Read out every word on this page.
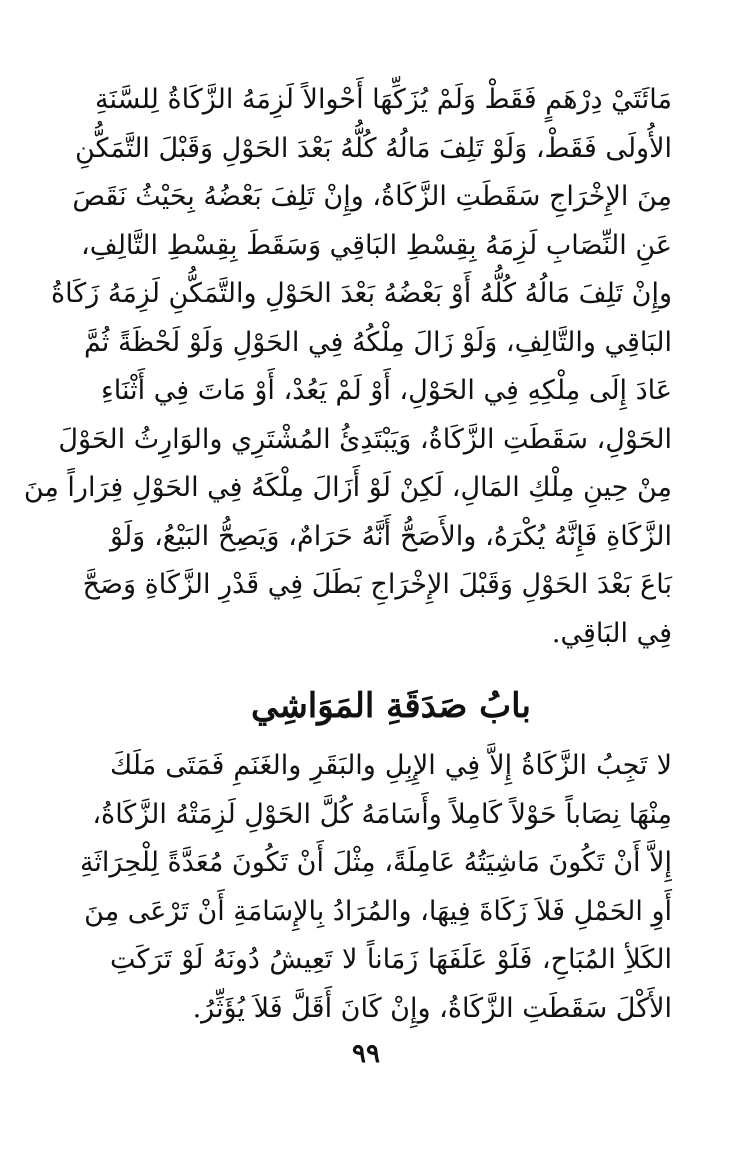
مَائَتَيْ دِرْهَمٍ فَقَطْ وَلَمْ يُزَكِّهَا أَحْوالاً لَزِمَهُ الزَّكَاةُ لِلسَّنَةِ
الأُولَى فَقَطْ، وَلَوْ تَلِفَ مَالُهُ كُلُّهُ بَعْدَ الحَوْلِ وَقَبْلَ التَّمَكُّنِ
مِنَ الإِخْرَاجِ سَقَطَتِ الزَّكَاةُ، وإِنْ تَلِفَ بَعْضُهُ بِحَيْثُ نَقَصَ
عَنِ النِّصَابِ لَزِمَهُ بِقِسْطِ البَاقِي وَسَقَطَ بِقِسْطِ التَّالِفِ،
وإِنْ تَلِفَ مَالُهُ كُلُّهُ أَوْ بَعْضُهُ بَعْدَ الحَوْلِ والتَّمَكُّنِ لَزِمَهُ زَكَاةُ
البَاقِي والتَّالِفِ، وَلَوْ زَالَ مِلْكُهُ فِي الحَوْلِ وَلَوْ لَحْظَةً ثُمَّ
عَادَ إِلَى مِلْكِهِ فِي الحَوْلِ، أَوْ لَمْ يَعُدْ، أَوْ مَاتَ فِي أَثْنَاءِ
الحَوْلِ، سَقَطَتِ الزَّكَاةُ، وَيَبْتَدِئُ المُشْتَرِي والوَارِثُ الحَوْلَ
مِنْ حِينِ مِلْكِ المَالِ، لَكِنْ لَوْ أَزَالَ مِلْكَهُ فِي الحَوْلِ فِرَاراً مِنَ
الزَّكَاةِ فَإِنَّهُ يُكْرَهُ، والأَصَحُّ أَنَّهُ حَرَامٌ، وَيَصِحُّ البَيْعُ، وَلَوْ
بَاعَ بَعْدَ الحَوْلِ وَقَبْلَ الإِخْرَاجِ بَطَلَ فِي قَدْرِ الزَّكَاةِ وَصَحَّ
فِي البَاقِي.
بابُ صَدَقَةِ المَوَاشِي
لا تَجِبُ الزَّكَاةُ إِلاَّ فِي الإِبِلِ والبَقَرِ والغَنَمِ فَمَتَى مَلَكَ
مِنْهَا نِصَاباً حَوْلاً كَامِلاً وأَسَامَهُ كُلَّ الحَوْلِ لَزِمَتْهُ الزَّكَاةُ،
إِلاَّ أَنْ تَكُونَ مَاشِيَتُهُ عَامِلَةً، مِثْلَ أَنْ تَكُونَ مُعَدَّةً لِلْحِرَاثَةِ
أَوِ الحَمْلِ فَلاَ زَكَاةَ فِيهَا، والمُرَادُ بِالإِسَامَةِ أَنْ تَرْعَى مِنَ
الكَلأِ المُبَاحِ، فَلَوْ عَلَفَهَا زَمَاناً لا تَعِيشُ دُونَهُ لَوْ تَرَكَتِ
الأَكْلَ سَقَطَتِ الزَّكَاةُ، وإِنْ كَانَ أَقَلَّ فَلاَ يُؤَثِّرُ.
٩٩
